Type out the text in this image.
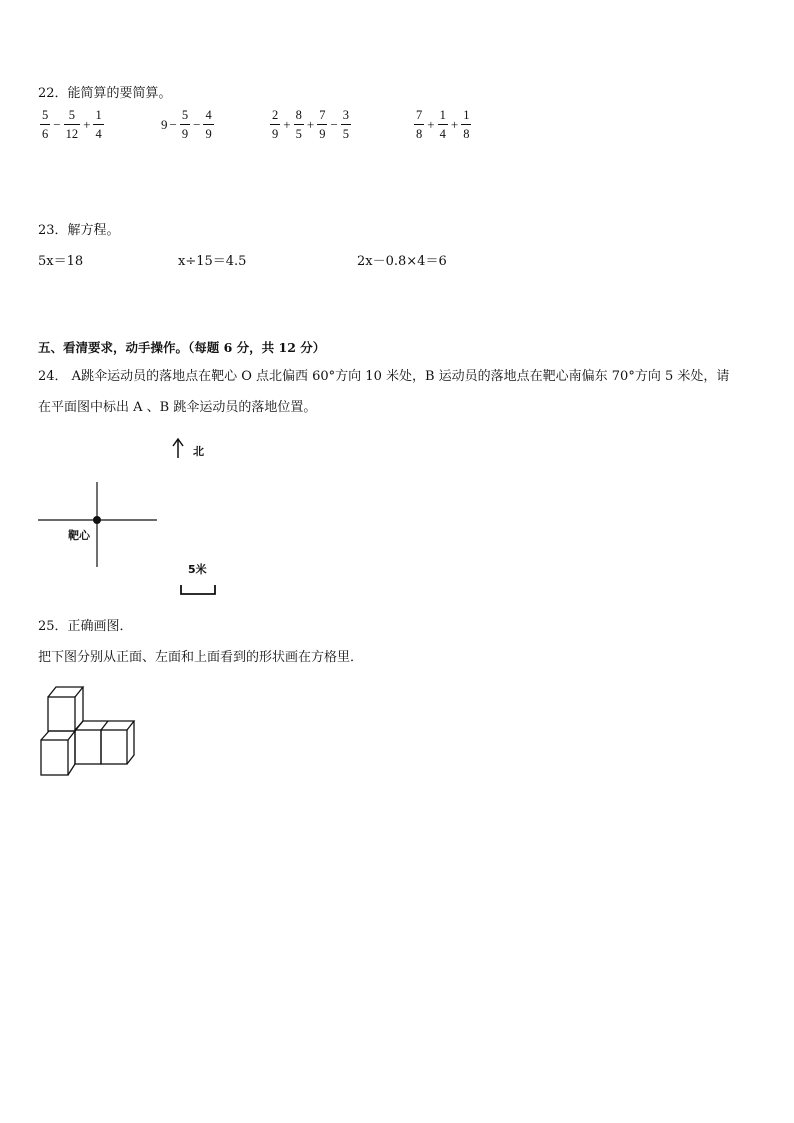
22．能简算的要简算。
$\frac{5}{6} - \frac{5}{12} + \frac{1}{4}$	$9 - \frac{5}{9} - \frac{4}{9}$	$\frac{2}{9} + \frac{8}{5} + \frac{7}{9} - \frac{3}{5}$	$\frac{7}{8} + \frac{1}{4} + \frac{1}{8}$
23．解方程。
5x＝18	x÷15＝4.5	2x－0.8×4＝6
五、看清要求，动手操作。（每题 6 分，共 12 分）
24． A跳伞运动员的落地点在靶心 O 点北偏西 60°方向 10 米处，B 运动员的落地点在靶心南偏东 70°方向 5 米处，请
在平面图中标出 A 、B 跳伞运动员的落地位置。
北
靶心
5米
25．正确画图．
把下图分别从正面、左面和上面看到的形状画在方格里．
